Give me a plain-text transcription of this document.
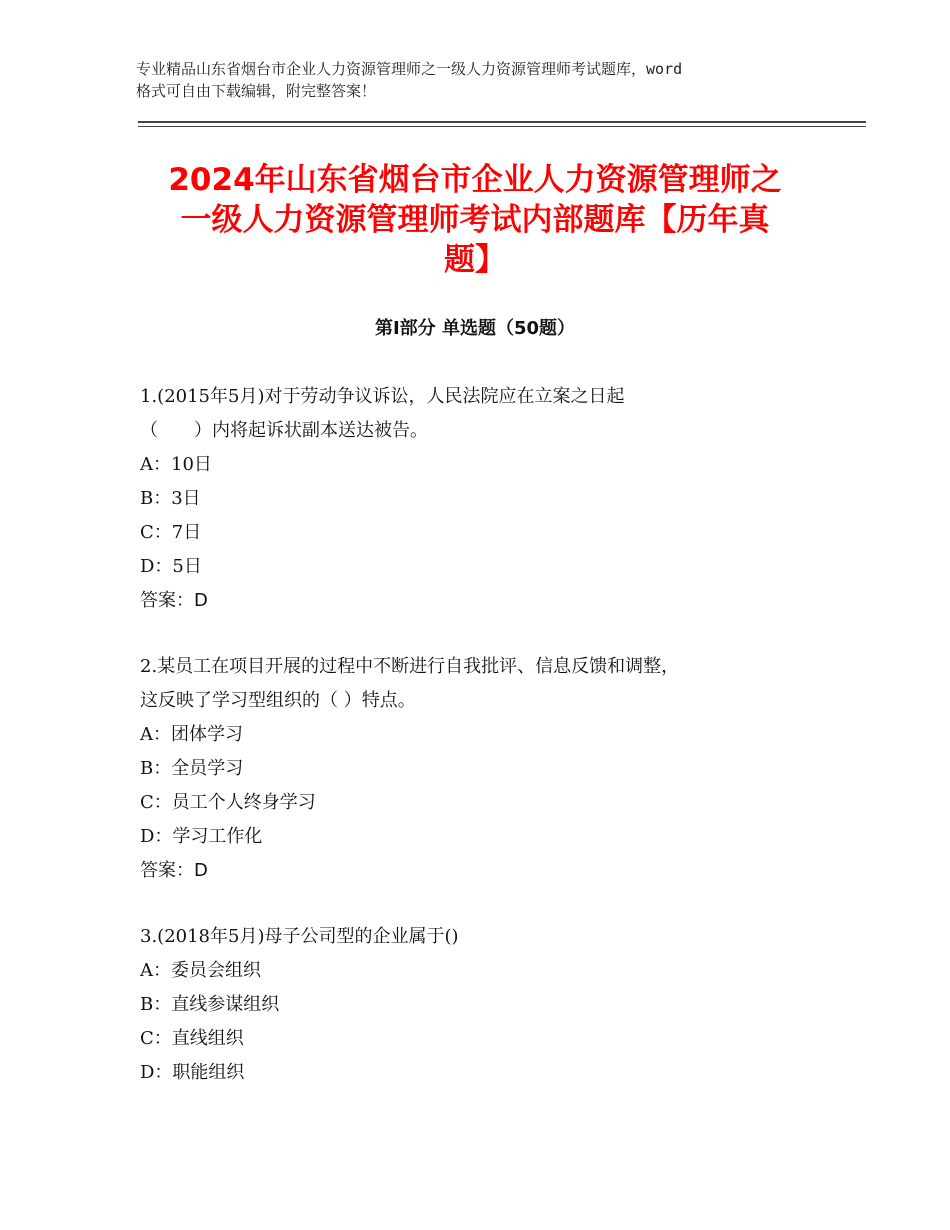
专业精品山东省烟台市企业人力资源管理师之一级人力资源管理师考试题库，word
格式可自由下载编辑，附完整答案！
2024年山东省烟台市企业人力资源管理师之
一级人力资源管理师考试内部题库【历年真
题】
第Ⅰ部分 单选题（50题）
1.(2015年5月)对于劳动争议诉讼，人民法院应在立案之日起
（　　）内将起诉状副本送达被告。
A：10日
B：3日
C：7日
D：5日
答案：D
2.某员工在项目开展的过程中不断进行自我批评、信息反馈和调整，
这反映了学习型组织的（ ）特点。
A：团体学习
B：全员学习
C：员工个人终身学习
D：学习工作化
答案：D
3.(2018年5月)母子公司型的企业属于()
A：委员会组织
B：直线参谋组织
C：直线组织
D：职能组织
